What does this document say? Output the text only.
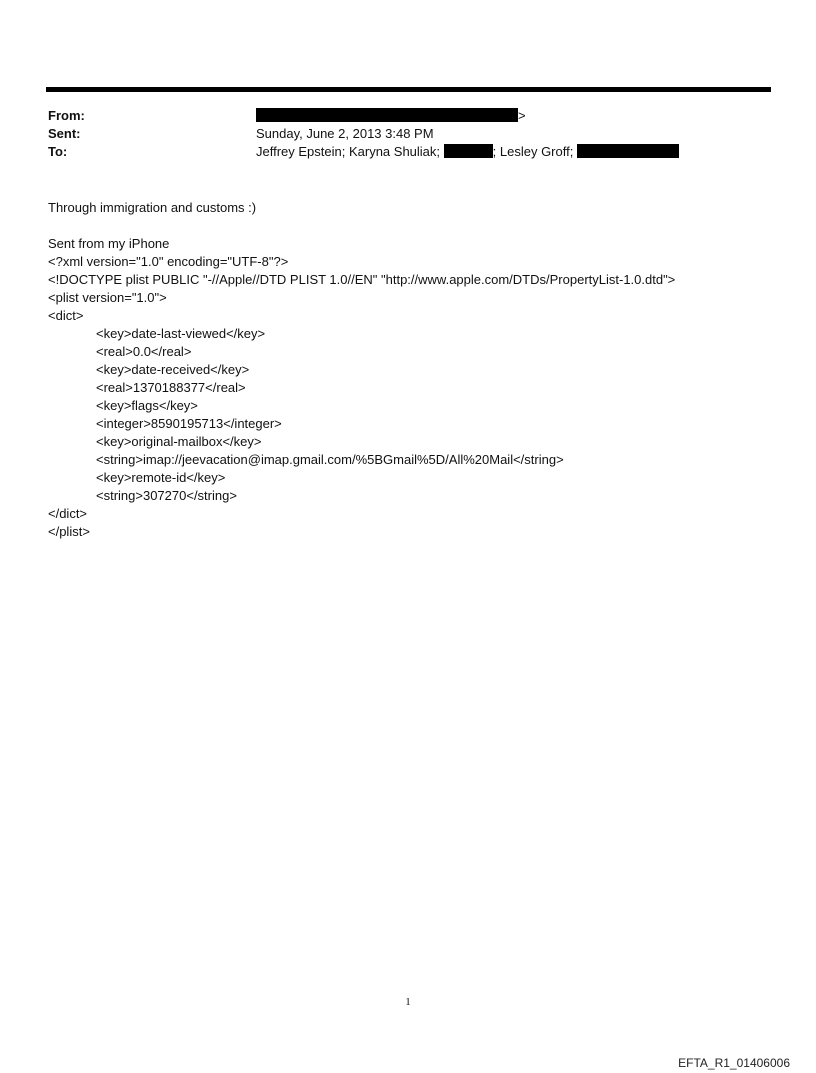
From:	>
Sent:	Sunday, June 2, 2013 3:48 PM
To:	Jeffrey Epstein; Karyna Shuliak;	; Lesley Groff;
Through immigration and customs :)
Sent from my iPhone
<?xml version="1.0" encoding="UTF-8"?>
<!DOCTYPE plist PUBLIC "-//Apple//DTD PLIST 1.0//EN" "http://www.apple.com/DTDs/PropertyList-1.0.dtd">
<plist version="1.0">
<dict>
<key>date-last-viewed</key>
<real>0.0</real>
<key>date-received</key>
<real>1370188377</real>
<key>flags</key>
<integer>8590195713</integer>
<key>original-mailbox</key>
<string>imap://jeevacation@imap.gmail.com/%5BGmail%5D/All%20Mail</string>
<key>remote-id</key>
<string>307270</string>
</dict>
</plist>
1
EFTA_R1_01406006
